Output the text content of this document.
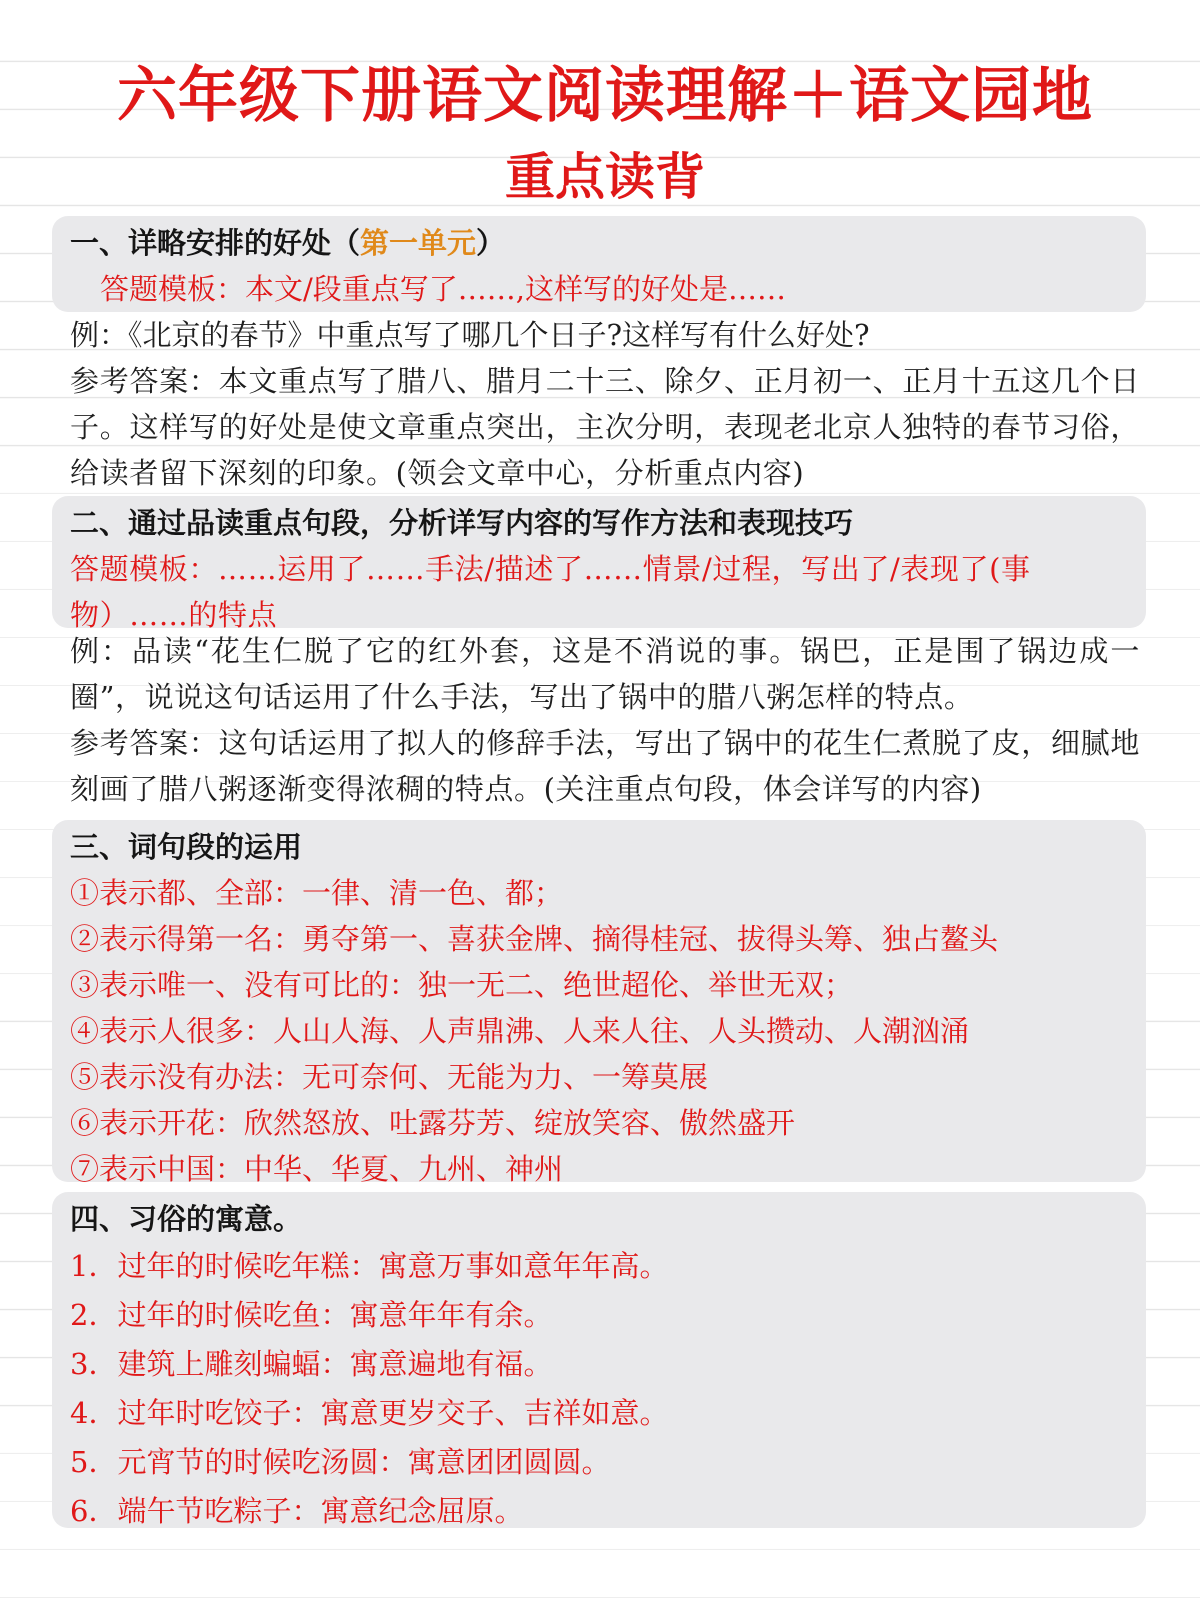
六年级下册语文阅读理解＋语文园地
重点读背
一、详略安排的好处（第一单元）
答题模板：本文/段重点写了……,这样写的好处是……
例：《北京的春节》中重点写了哪几个日子?这样写有什么好处?
参考答案：本文重点写了腊八、腊月二十三、除夕、正月初一、正月十五这几个日子。这样写的好处是使文章重点突出，主次分明，表现老北京人独特的春节习俗，给读者留下深刻的印象。(领会文章中心，分析重点内容)
二、通过品读重点句段，分析详写内容的写作方法和表现技巧
答题模板：……运用了……手法/描述了……情景/过程，写出了/表现了(事物）……的特点
例：品读“花生仁脱了它的红外套，这是不消说的事。锅巴，正是围了锅边成一圈”，说说这句话运用了什么手法，写出了锅中的腊八粥怎样的特点。
参考答案：这句话运用了拟人的修辞手法，写出了锅中的花生仁煮脱了皮，细腻地刻画了腊八粥逐渐变得浓稠的特点。(关注重点句段，体会详写的内容)
三、词句段的运用
①表示都、全部：一律、清一色、都；
②表示得第一名：勇夺第一、喜获金牌、摘得桂冠、拔得头筹、独占鳌头
③表示唯一、没有可比的：独一无二、绝世超伦、举世无双；
④表示人很多：人山人海、人声鼎沸、人来人往、人头攒动、人潮汹涌
⑤表示没有办法：无可奈何、无能为力、一筹莫展
⑥表示开花：欣然怒放、吐露芬芳、绽放笑容、傲然盛开
⑦表示中国：中华、华夏、九州、神州
四、习俗的寓意。
1．过年的时候吃年糕：寓意万事如意年年高。
2．过年的时候吃鱼：寓意年年有余。
3．建筑上雕刻蝙蝠：寓意遍地有福。
4．过年时吃饺子：寓意更岁交子、吉祥如意。
5．元宵节的时候吃汤圆：寓意团团圆圆。
6．端午节吃粽子：寓意纪念屈原。
